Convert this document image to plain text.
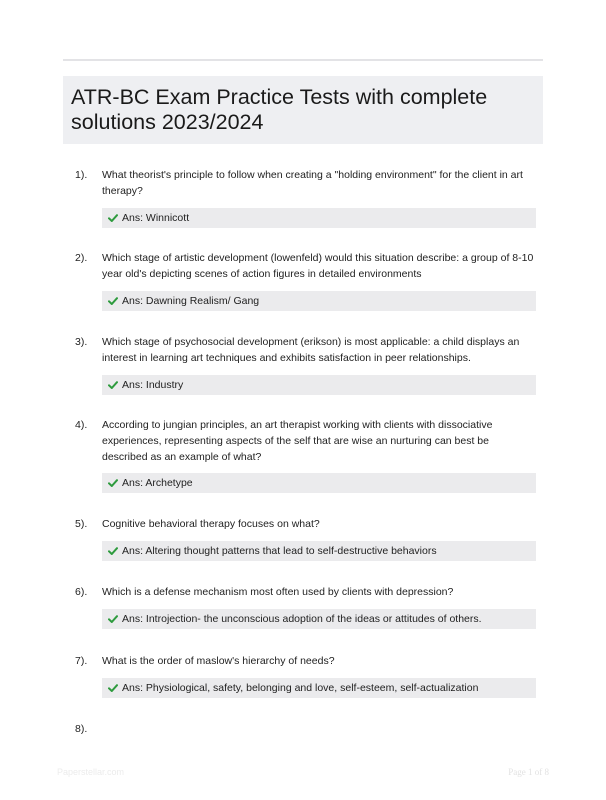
ATR-BC Exam Practice Tests with complete solutions 2023/2024
1). What theorist's principle to follow when creating a "holding environment" for the client in art therapy?
Ans: Winnicott
2). Which stage of artistic development (lowenfeld) would this situation describe: a group of 8-10 year old's depicting scenes of action figures in detailed environments
Ans: Dawning Realism/ Gang
3). Which stage of psychosocial development (erikson) is most applicable: a child displays an interest in learning art techniques and exhibits satisfaction in peer relationships.
Ans: Industry
4). According to jungian principles, an art therapist working with clients with dissociative experiences, representing aspects of the self that are wise an nurturing can best be described as an example of what?
Ans: Archetype
5). Cognitive behavioral therapy focuses on what?
Ans: Altering thought patterns that lead to self-destructive behaviors
6). Which is a defense mechanism most often used by clients with depression?
Ans: Introjection- the unconscious adoption of the ideas or attitudes of others.
7). What is the order of maslow's hierarchy of needs?
Ans: Physiological, safety, belonging and love, self-esteem, self-actualization
8).
Paperstellar.com	Page 1 of 8
